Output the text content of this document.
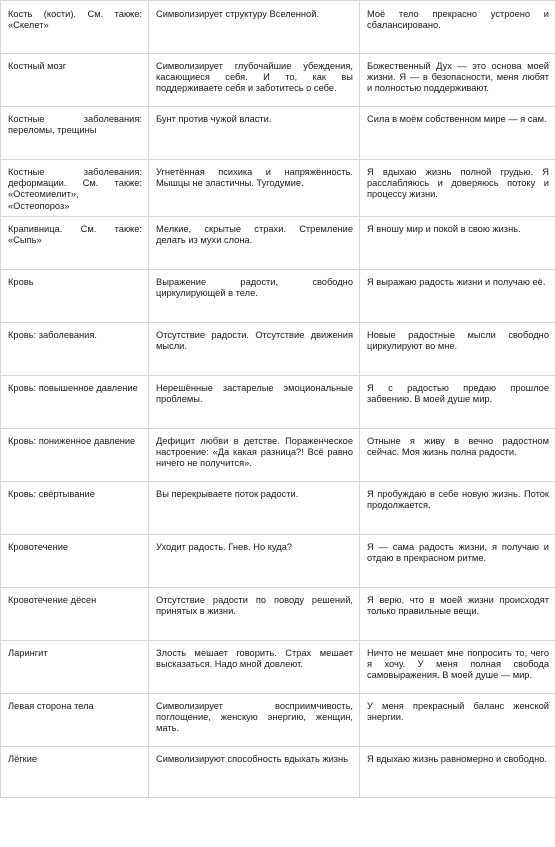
Кость (кости). См. также: «Скелет»	Символизирует структуру Вселенной.	Моё тело прекрасно устроено и сбалансировано.
Костный мозг	Символизирует глубочайшие убеждения, касающиеся себя. И то, как вы поддерживаете себя и заботитесь о себе.	Божественный Дух — это основа моей жизни. Я — в безопасности, меня любят и полностью поддерживают.
Костные заболевания: переломы, трещины	Бунт против чужой власти.	Сила в моём собственном мире — я сам.
Костные заболевания: деформации. См. также: «Остеомиелит», «Остеопороз»	Угнетённая психика и напряжённость. Мышцы не эластичны. Тугодумие.	Я вдыхаю жизнь полной грудью. Я расслабляюсь и доверяюсь потоку и процессу жизни.
Крапивница. См. также: «Сыпь»	Мелкие, скрытые страхи. Стремление делать из мухи слона.	Я вношу мир и покой в свою жизнь.
Кровь	Выражение радости, свободно циркулирующей в теле.	Я выражаю радость жизни и получаю её.
Кровь: заболевания.	Отсутствие радости. Отсутствие движения мысли.	Новые радостные мысли свободно циркулируют во мне.
Кровь: повышенное давление	Нерешённые застарелые эмоциональные проблемы.	Я с радостью предаю прошлое забвению. В моей душе мир.
Кровь: пониженное давление	Дефицит любви в детстве. Пораженческое настроение: «Да какая разница?! Всё равно ничего не получится».	Отныне я живу в вечно радостном сейчас. Моя жизнь полна радости.
Кровь: свёртывание	Вы перекрываете поток радости.	Я пробуждаю в себе новую жизнь. Поток продолжается.
Кровотечение	Уходит радость. Гнев. Но куда?	Я — сама радость жизни, я получаю и отдаю в прекрасном ритме.
Кровотечение дёсен	Отсутствие радости по поводу решений, принятых в жизни.	Я верю, что в моей жизни происходят только правильные вещи.
Ларингит	Злость мешает говорить. Страх мешает высказаться. Надо мной довлеют.	Ничто не мешает мне попросить то, чего я хочу. У меня полная свобода самовыражения. В моей душе — мир.
Левая сторона тела	Символизирует восприимчивость, поглощение, женскую энергию, женщин, мать.	У меня прекрасный баланс женской энергии.
Лёгкие	Символизируют способность вдыхать жизнь	Я вдыхаю жизнь равномерно и свободно.
